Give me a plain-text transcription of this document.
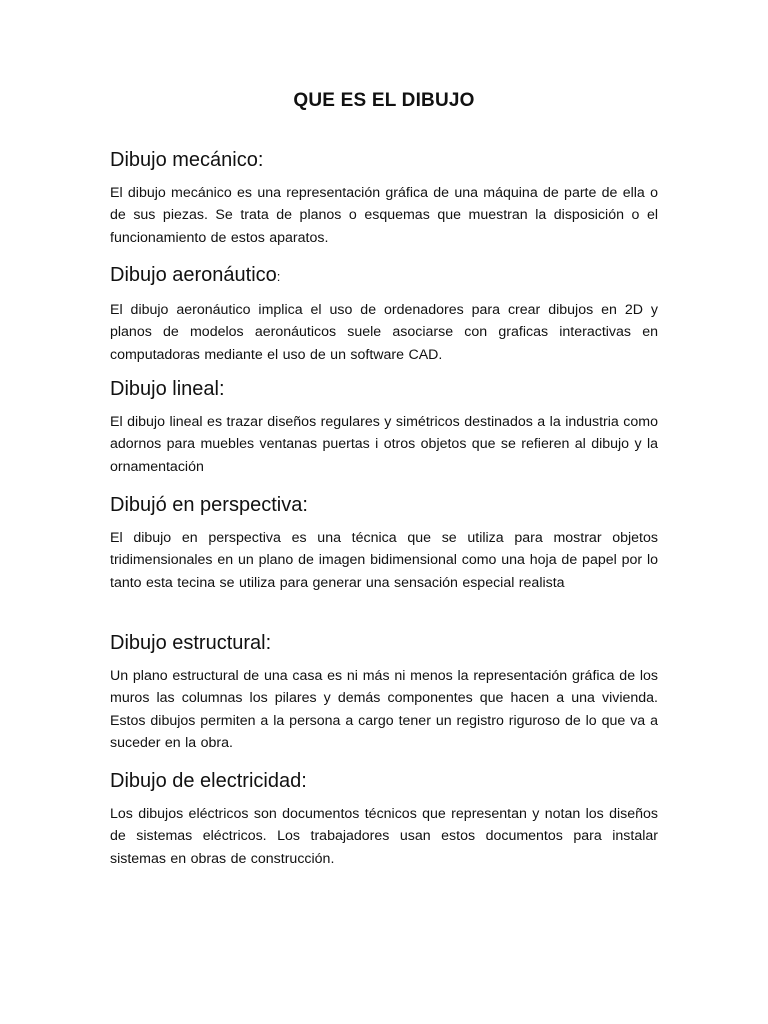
QUE ES EL DIBUJO
Dibujo mecánico:

El dibujo mecánico es una representación gráfica de una máquina de parte de ella o de sus piezas. Se trata de planos o esquemas que muestran la disposición o el funcionamiento de estos aparatos.

Dibujo aeronáutico:

El dibujo aeronáutico implica el uso de ordenadores para crear dibujos en 2D y planos de modelos aeronáuticos suele asociarse con graficas interactivas en computadoras mediante el uso de un software CAD.

Dibujo lineal:

El dibujo lineal es trazar diseños regulares y simétricos destinados a la industria como adornos para muebles ventanas puertas i otros objetos que se refieren al dibujo y la ornamentación

Dibujó en perspectiva:

El dibujo en perspectiva es una técnica que se utiliza para mostrar objetos tridimensionales en un plano de imagen bidimensional como una hoja de papel por lo tanto esta tecina se utiliza para generar una sensación especial realista

Dibujo estructural:

Un plano estructural de una casa es ni más ni menos la representación gráfica de los muros las columnas los pilares y demás componentes que hacen a una vivienda. Estos dibujos permiten a la persona a cargo tener un registro riguroso de lo que va a suceder en la obra.

Dibujo de electricidad:

Los dibujos eléctricos son documentos técnicos que representan y notan los diseños de sistemas eléctricos. Los trabajadores usan estos documentos para instalar sistemas en obras de construcción.
